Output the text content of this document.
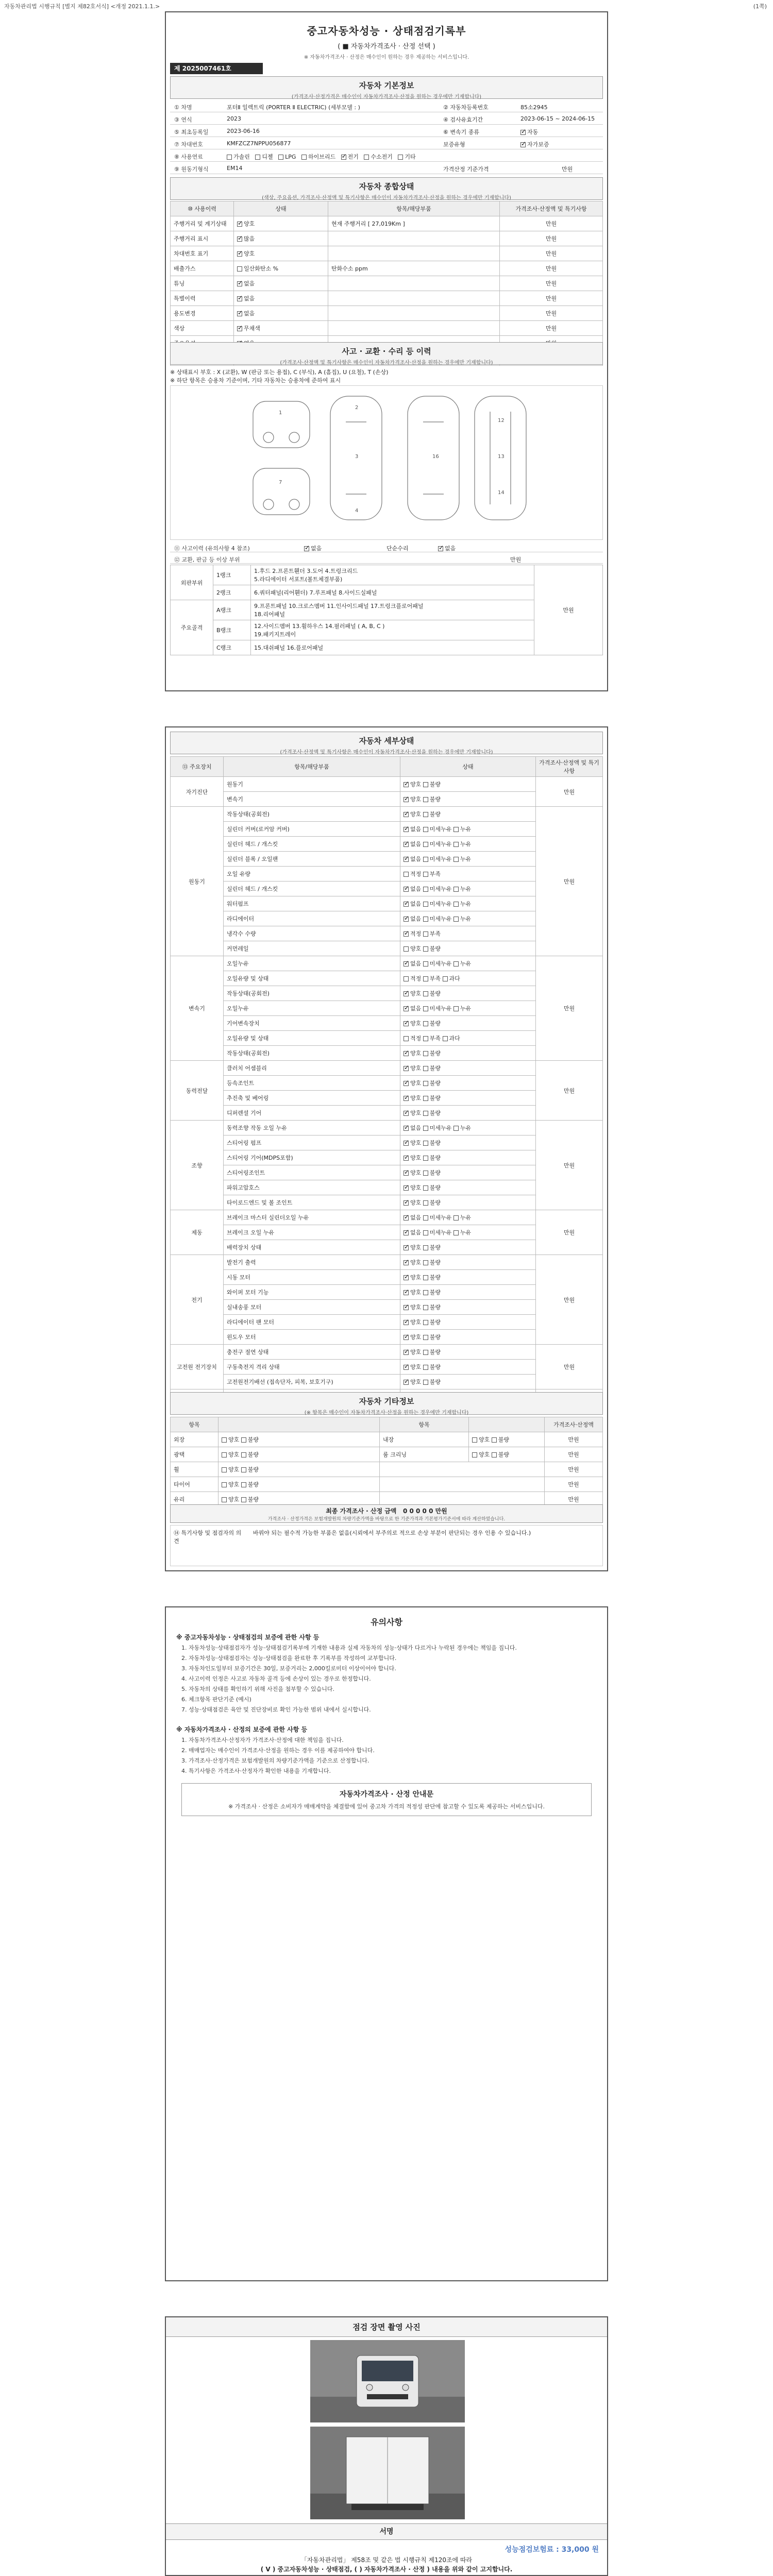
자동차관리법 시행규칙 [별지 제82호서식] <개정 2021.1.1.>	(1쪽)
중고자동차성능 · 상태점검기록부
( ■ 자동차가격조사 · 산정 선택 )
※ 자동차가격조사 · 산정은 매수인이 원하는 경우 제공하는 서비스입니다.
제 2025007461호
자동차 기본정보
(가격조사·산정가격은 매수인이 자동차가격조사·산정을 원하는 경우에만 기재합니다)
① 차명	포터Ⅱ 일렉트릭 (PORTER Ⅱ ELECTRIC) (세부모델 : )	② 자동차등록번호	85소2945
③ 연식	2023	④ 검사유효기간	2023-06-15 ~ 2024-06-15
⑤ 최초등록일	2023-06-16	⑥ 변속기 종류 ✓	자동
⑦ 차대번호	KMFZCZ7NPPU056877	보증유형 ✓	자가보증
⑧ 사용연료	가솔린 디젤 LPG 하이브리드 ✓ 전기 수소전기 기타
⑨ 원동기형식	EM14	가격산정 기준가격	만원
자동차 종합상태
(색상, 주요옵션, 가격조사·산정액 및 특기사항은 매수인이 자동차가격조사·산정을 원하는 경우에만 기재합니다)
⑩ 사용이력	상태	항목/해당부품	가격조사·산정액 및 특기사항
주행거리 및 계기상태	✓양호	현재 주행거리 [ 27,019Km ]	만원
주행거리 표시	✓많음		만원
차대번호 표기	✓양호		만원
배출가스	일산화탄소 %	탄화수소 ppm	만원
튜닝	✓없음		만원
특별이력	✓없음		만원
용도변경	✓없음		만원
색상	✓무채색		만원
	✓		
	✓		
사고 · 교환 · 수리 등 이력
(가격조사·산정액 및 특기사항은 매수인이 자동차가격조사·산정을 원하는 경우에만 기재합니다)
※ 상태표시 부호 : X (교환), W (판금 또는 용접), C (부식), A (흠집), U (요철), T (손상)
※ 하단 항목은 승용차 기준이며, 기타 자동차는 승용차에 준하여 표시
1
2
3
4
16	13
7
12
14
⑪ 사고이력 (유의사항 4 참조) ✓	없음	단순수리 ✓	없음
⑫ 교환, 판금 등 이상 부위	만원
외판부위	1랭크	1.후드 2.프론트휀더 3.도어 4.트렁크리드
5.라디에이터 서포트(볼트체결부품)	만원
	2랭크	6.쿼터패널(리어휀더) 7.루프패널 8.사이드실패널	
주요골격	A랭크	9.프론트패널 10.크로스멤버 11.인사이드패널 17.트렁크플로어패널
18.리어패널	

	B랭크	12.사이드멤버 13.휠하우스 14.필러패널 ( A, B, C )
19.패키지트레이	

	C랭크	15.대쉬패널 16.플로어패널	
자동차 세부상태
(가격조사·산정액 및 특기사항은 매수인이 자동차가격조사·산정을 원하는 경우에만 기재합니다)
⑬ 주요장치	항목/해당부품	상태	가격조사·산정액 및 특기사항
자기진단	원동기	✓양호 불량	만원
	변속기	✓양호 불량
원동기	작동상태(공회전)	✓양호 불량	만원
	실린더 커버(로커암 커버)	✓없음 미세누유 누유
	실린더 헤드 / 개스킷	✓없음 미세누유 누유
	실린더 블록 / 오일팬	✓없음 미세누유 누유
	오일 유량	적정 부족	
	실린더 헤드 / 개스킷	✓없음 미세누유 누유
	워터펌프	✓없음 미세누유 누유
	라디에이터	✓없음 미세누유 누유
	냉각수 수량	✓적정 부족
	커먼레일	양호 불량	
변속기	오일누유	✓없음 미세누유 누유	만원
	오일유량 및 상태	적정 부족 과다	
	작동상태(공회전)	✓양호 불량
	오일누유	✓없음 미세누유 누유
	기어변속장치	✓양호 불량
	오일유량 및 상태	적정 부족 과다	
	작동상태(공회전)	✓양호 불량
동력전달	클러치 어셈블리	✓양호 불량	만원
	등속조인트	✓양호 불량
	추진축 및 베어링	✓양호 불량
	디퍼렌셜 기어	✓양호 불량
조향	동력조향 작동 오일 누유	✓없음 미세누유 누유	만원
	스티어링 펌프	✓양호 불량
	스티어링 기어(MDPS포함)	✓양호 불량
	스티어링조인트	✓양호 불량
	파워고압호스	✓양호 불량
	타이로드엔드 및 볼 조인트	✓양호 불량
제동	브레이크 마스터 실린더오일 누유	✓없음 미세누유 누유	만원
	브레이크 오일 누유	✓없음 미세누유 누유
	배력장치 상태	✓양호 불량
전기	발전기 출력	✓양호 불량	만원
	시동 모터	✓양호 불량
	와이퍼 모터 기능	✓양호 불량
	실내송풍 모터	✓양호 불량
	라디에이터 팬 모터	✓양호 불량
	윈도우 모터	✓양호 불량
고전원 전기장치	충전구 절연 상태	✓양호 불량	만원
	구동축전지 격리 상태	✓양호 불량
	고전원전기배선 (접속단자, 피복, 보호기구)	✓양호 불량
		✓	
자동차 기타정보
(※ 항목은 매수인이 자동차가격조사·산정을 원하는 경우에만 기재합니다)
항목		항목		가격조사·산정액
외장	양호 불량	내장	양호 불량	만원
광택	양호 불량	룸 크리닝	양호 불량	만원
휠	양호 불량			만원
타이어	양호 불량			만원
유리	양호 불량			만원

최종 가격조사 · 산정 금액 0 0 0 0 0 만원
가격조사 · 산정가격은 보험개발원의 차량기준가액을 바탕으로 한 기준가격과 기본평가기준서에 따라 계산하였습니다.
⑭ 특기사항 및 점검자의 의견
바꿔야 되는 필수적 가능한 부품은 없음(시뢰에서 부주의로 적으로 손상 부분이 판단되는 경우 인용 수 있습니다.)
유의사항
※ 중고자동차성능 · 상태점검의 보증에 관한 사항 등
1. 자동차성능·상태점검자가 성능·상태점검기록부에 기재한 내용과 실제 자동차의 성능·상태가 다르거나 누락된 경우에는 책임을 집니다.
2. 자동차성능·상태점검자는 성능·상태점검을 완료한 후 기록부를 작성하여 교부합니다.
3. 자동차인도일부터 보증기간은 30일, 보증거리는 2,000킬로미터 이상이어야 합니다.
4. 사고이력 인정은 사고로 자동차 골격 등에 손상이 있는 경우로 한정합니다.
5. 자동차의 상태를 확인하기 위해 사진을 첨부할 수 있습니다.
6. 체크항목 판단기준 (예시)
7. 성능·상태점검은 육안 및 진단장비로 확인 가능한 범위 내에서 실시합니다.
※ 자동차가격조사 · 산정의 보증에 관한 사항 등
1. 자동차가격조사·산정자가 가격조사·산정에 대한 책임을 집니다.
2. 매매업자는 매수인이 가격조사·산정을 원하는 경우 이를 제공하여야 합니다.
3. 가격조사·산정가격은 보험개발원의 차량기준가액을 기준으로 산정합니다.
4. 특기사항은 가격조사·산정자가 확인한 내용을 기재합니다.
자동차가격조사 · 산정 안내문
※ 가격조사 · 산정은 소비자가 매매계약을 체결함에 있어 중고차 가격의 적정성 판단에 참고할 수 있도록 제공하는 서비스입니다.
점검 장면 촬영 사진
서명
성능점검보험료 : 33,000 원
「자동차관리법」 제58조 및 같은 법 시행규칙 제120조에 따라
( V ) 중고자동차성능 · 상태점검, ( ) 자동차가격조사 · 산정 ) 내용을 위와 같이 고지합니다.
